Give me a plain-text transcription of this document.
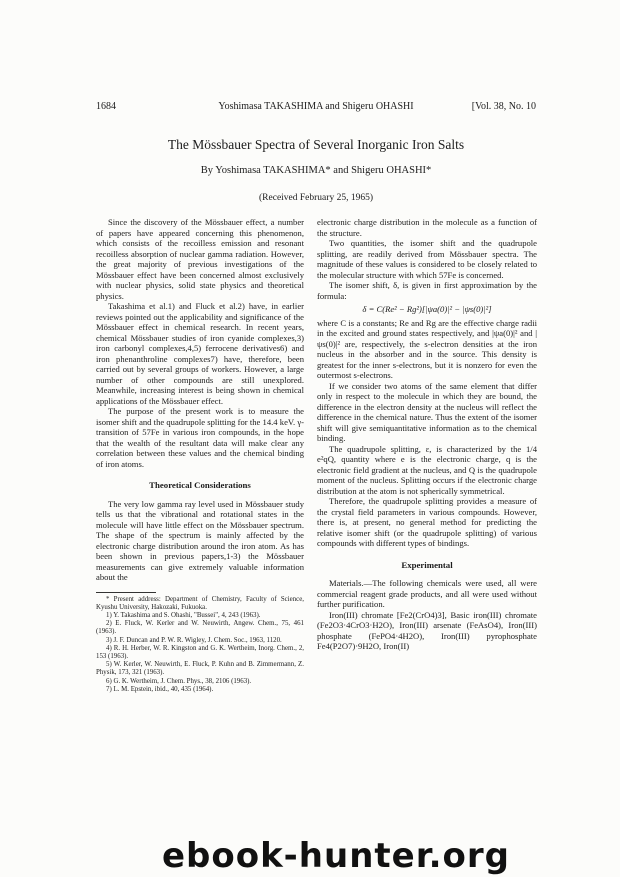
1684	Yoshimasa TAKASHIMA and Shigeru OHASHI	[Vol. 38, No. 10
The Mössbauer Spectra of Several Inorganic Iron Salts
By Yoshimasa TAKASHIMA* and Shigeru OHASHI*
(Received February 25, 1965)

Since the discovery of the Mössbauer effect, a number of papers have appeared concerning this phenomenon, which consists of the recoilless emission and resonant recoilless absorption of nuclear gamma radiation. However, the great majority of previous investigations of the Mössbauer effect have been concerned almost exclusively with nuclear physics, solid state physics and theoretical physics.

Takashima et al.1) and Fluck et al.2) have, in earlier reviews pointed out the applicability and significance of the Mössbauer effect in chemical research. In recent years, chemical Mössbauer studies of iron cyanide complexes,3) iron carbonyl complexes,4,5) ferrocene derivatives6) and iron phenanthroline complexes7) have, therefore, been carried out by several groups of workers. However, a large number of other compounds are still unexplored. Meanwhile, increasing interest is being shown in chemical applications of the Mössbauer effect.

The purpose of the present work is to measure the isomer shift and the quadrupole splitting for the 14.4 keV. γ-transition of 57Fe in various iron compounds, in the hope that the wealth of the resultant data will make clear any correlation between these values and the chemical binding of iron atoms.

Theoretical Considerations

The very low gamma ray level used in Mössbauer study tells us that the vibrational and rotational states in the molecule will have little effect on the Mössbauer spectrum. The shape of the spectrum is mainly affected by the electronic charge distribution around the iron atom. As has been shown in previous papers,1-3) the Mössbauer measurements can give extremely valuable information about the

* Present address: Department of Chemistry, Faculty of Science, Kyushu University, Hakozaki, Fukuoka.

1) Y. Takashima and S. Ohashi, "Bussei", 4, 243 (1963).

2) E. Fluck, W. Kerler and W. Neuwirth, Angew. Chem., 75, 461 (1963).

3) J. F. Duncan and P. W. R. Wigley, J. Chem. Soc., 1963, 1120.

4) R. H. Herber, W. R. Kingston and G. K. Wertheim, Inorg. Chem., 2, 153 (1963).

5) W. Kerler, W. Neuwirth, E. Fluck, P. Kuhn and B. Zimmermann, Z. Physik, 173, 321 (1963).

6) G. K. Wertheim, J. Chem. Phys., 38, 2106 (1963).

7) L. M. Epstein, ibid., 40, 435 (1964).

electronic charge distribution in the molecule as a function of the structure.

Two quantities, the isomer shift and the quadrupole splitting, are readily derived from Mössbauer spectra. The magnitude of these values is considered to be closely related to the molecular structure with which 57Fe is concerned.

The isomer shift, δ, is given in first approximation by the formula:

δ = C(Re² − Rg²)[|ψa(0)|² − |ψs(0)|²]

where C is a constants; Re and Rg are the effective charge radii in the excited and ground states respectively, and |ψa(0)|² and |ψs(0)|² are, respectively, the s-electron densities at the iron nucleus in the absorber and in the source. This density is greatest for the inner s-electrons, but it is nonzero for even the outermost s-electrons.

If we consider two atoms of the same element that differ only in respect to the molecule in which they are bound, the difference in the electron density at the nucleus will reflect the difference in the chemical nature. Thus the extent of the isomer shift will give semiquantitative information as to the chemical binding.

The quadrupole splitting, ε, is characterized by the 1/4 e²qQ, quantity where e is the electronic charge, q is the electronic field gradient at the nucleus, and Q is the quadrupole moment of the nucleus. Splitting occurs if the electronic charge distribution at the atom is not spherically symmetrical.

Therefore, the quadrupole splitting provides a measure of the crystal field parameters in various compounds. However, there is, at present, no general method for predicting the relative isomer shift (or the quadrupole splitting) of various compounds with different types of bindings.

Experimental

Materials.—The following chemicals were used, all were commercial reagent grade products, and all were used without further purification.

Iron(III) chromate [Fe2(CrO4)3], Basic iron(III) chromate (Fe2O3·4CrO3·H2O), Iron(III) arsenate (FeAsO4), Iron(III) phosphate (FePO4·4H2O), Iron(III) pyrophosphate Fe4(P2O7)·9H2O, Iron(II)

ebook-hunter.org
